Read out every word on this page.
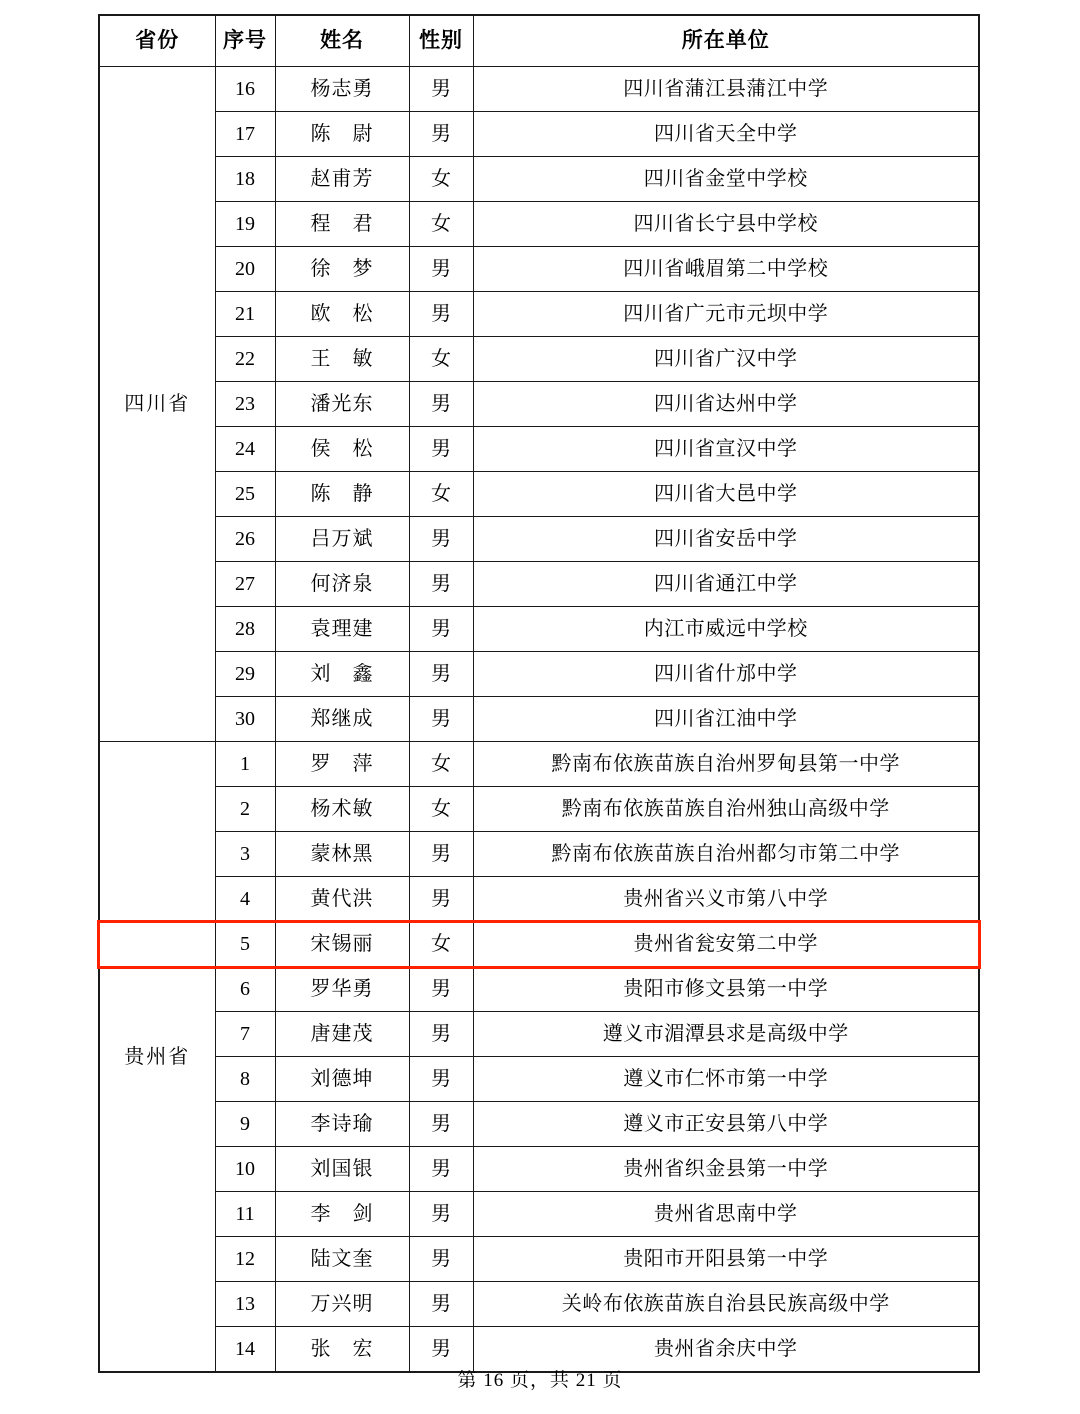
省份	序号	姓名	性别	所在单位
四川省	16	杨志勇	男	四川省蒲江县蒲江中学
	17	陈　尉	男	四川省天全中学
	18	赵甫芳	女	四川省金堂中学校
	19	程　君	女	四川省长宁县中学校
	20	徐　梦	男	四川省峨眉第二中学校
	21	欧　松	男	四川省广元市元坝中学
	22	王　敏	女	四川省广汉中学
	23	潘光东	男	四川省达州中学
	24	侯　松	男	四川省宣汉中学
	25	陈　静	女	四川省大邑中学
	26	吕万斌	男	四川省安岳中学
	27	何济泉	男	四川省通江中学
	28	袁理建	男	内江市威远中学校
	29	刘　鑫	男	四川省什邡中学
	30	郑继成	男	四川省江油中学
贵州省	1	罗　萍	女	黔南布依族苗族自治州罗甸县第一中学
	2	杨术敏	女	黔南布依族苗族自治州独山高级中学
	3	蒙林黑	男	黔南布依族苗族自治州都匀市第二中学
	4	黄代洪	男	贵州省兴义市第八中学
	5	宋锡丽	女	贵州省瓮安第二中学
	6	罗华勇	男	贵阳市修文县第一中学
	7	唐建茂	男	遵义市湄潭县求是高级中学
	8	刘德坤	男	遵义市仁怀市第一中学
	9	李诗瑜	男	遵义市正安县第八中学
	10	刘国银	男	贵州省织金县第一中学
	11	李　剑	男	贵州省思南中学
	12	陆文奎	男	贵阳市开阳县第一中学
	13	万兴明	男	关岭布依族苗族自治县民族高级中学
	14	张　宏	男	贵州省余庆中学
第 16 页，共 21 页
